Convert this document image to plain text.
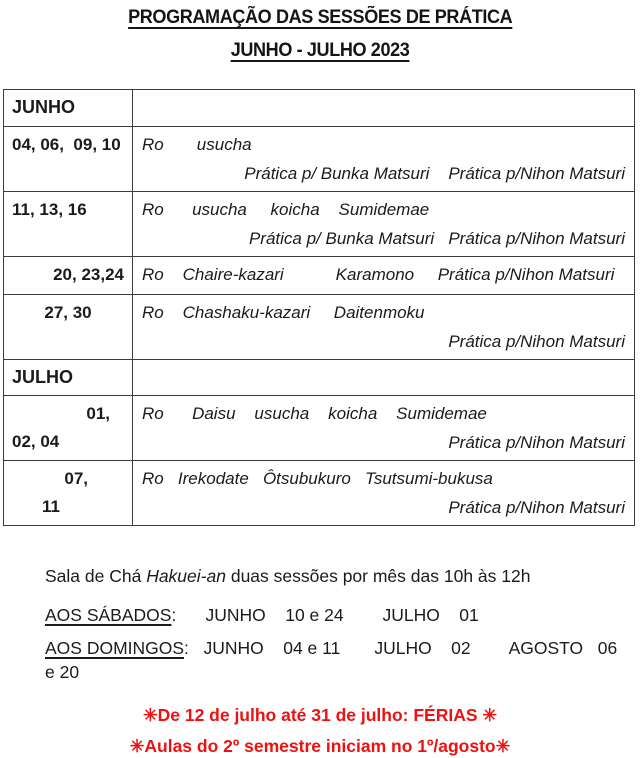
PROGRAMAÇÃO DAS SESSÕES DE PRÁTICA
JUNHO - JULHO 2023
JUNHO
04, 06,  09, 10 Ro       usucha
Prática p/ Bunka Matsuri    Prática p/Nihon Matsuri
11, 13, 16	Ro      usucha     koicha    Sumidemae
Prática p/ Bunka Matsuri   Prática p/Nihon Matsuri
20, 23,24 Ro    Chaire-kazari           Karamono     Prática p/Nihon Matsuri
27, 30	Ro    Chashaku-kazari     Daitenmoku
Prática p/Nihon Matsuri
JULHO
01,
02, 04
Ro      Daisu    usucha    koicha    Sumidemae
Prática p/Nihon Matsuri
07,
11
Ro   Irekodate   Ôtsubukuro   Tsutsumi-bukusa
Prática p/Nihon Matsuri
Sala de Chá Hakuei-an duas sessões por mês das 10h às 12h
AOS SÁBADOS:      JUNHO    10 e 24        JULHO    01
AOS DOMINGOS:   JUNHO    04 e 11       JULHO    02        AGOSTO   06 e 20
✳De 12 de julho até 31 de julho: FÉRIAS ✳
✳Aulas do 2º semestre iniciam no 1º/agosto✳
